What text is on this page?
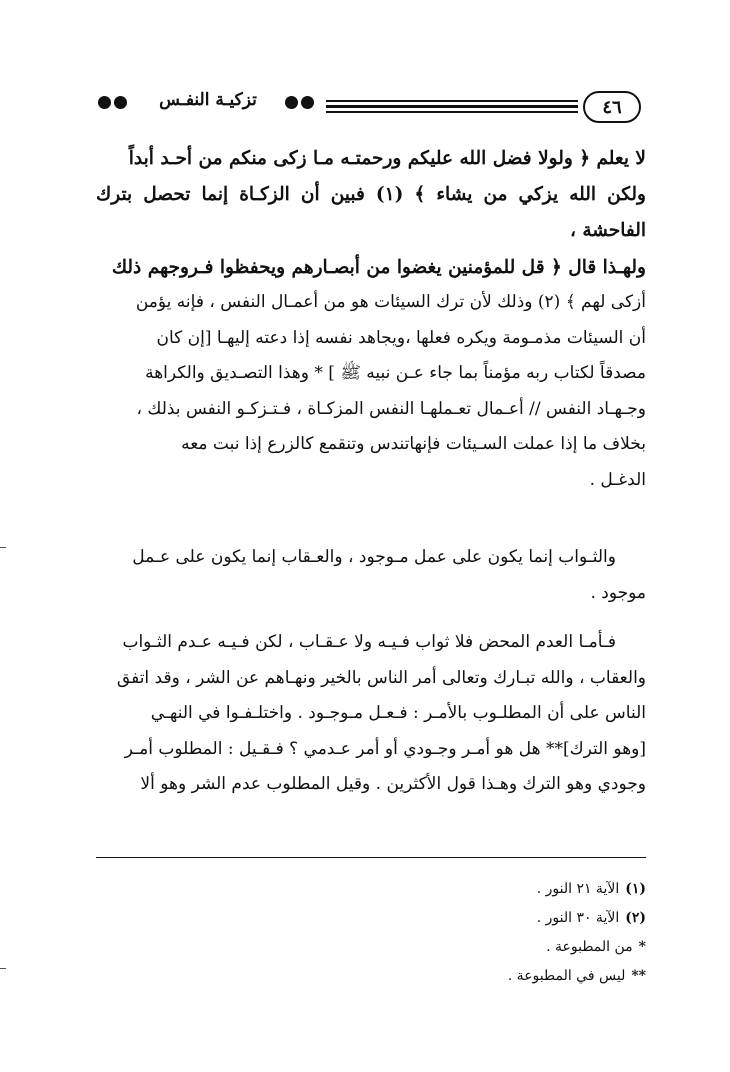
تزكيـة النفـس	٤٦

لا يعلم ﴿ ولولا فضل الله عليكم ورحمتـه مـا زكى منكم من أحـد أبداً

ولكن الله يزكي من يشاء ﴾ (١) فبين أن الزكـاة إنما تحصل بترك الفاحشة ،

ولهـذا قال ﴿ قل للمؤمنين يغضوا من أبصـارهم ويحفظوا فـروجهم ذلك

أزكى لهم ﴾ (٢) وذلك لأن ترك السيئات هو من أعمـال النفس ، فإنه يؤمن

أن السيئات مذمـومة ويكره فعلها ،ويجاهد نفسه إذا دعته إليهـا [إن كان

مصدقاً لكتاب ربه مؤمناً بما جاء عـن نبيه ﷺ ] * وهذا التصـديق والكراهة

وجـهـاد النفس // أعـمال تعـملهـا النفس المزكـاة ، فـتـزكـو النفس بذلك ،

بخلاف ما إذا عملت السـيئات فإنهاتندس وتنقمع كالزرع إذا نبت معه

الدغـل .

والثـواب إنما يكون على عمل مـوجود ، والعـقاب إنما يكون على عـمل

موجود .

فـأمـا العدم المحض فلا ثواب فـيـه ولا عـقـاب ، لكن فـيـه عـدم الثـواب

والعقاب ، والله تبـارك وتعالى أمر الناس بالخير ونهـاهم عن الشر ، وقد اتفق

الناس على أن المطلـوب بالأمـر : فـعـل مـوجـود . واختلـفـوا في النهـي

[وهو الترك]** هل هو أمـر وجـودي أو أمر عـدمي ؟ فـقـيل : المطلوب أمـر

وجودي وهو الترك وهـذا قول الأكثرين . وقيل المطلوب عدم الشر وهو ألا

(١)
الآية ٢١ النور .
(٢)
الآية ٣٠ النور .
*
من المطبوعة .
**
ليس في المطبوعة .
